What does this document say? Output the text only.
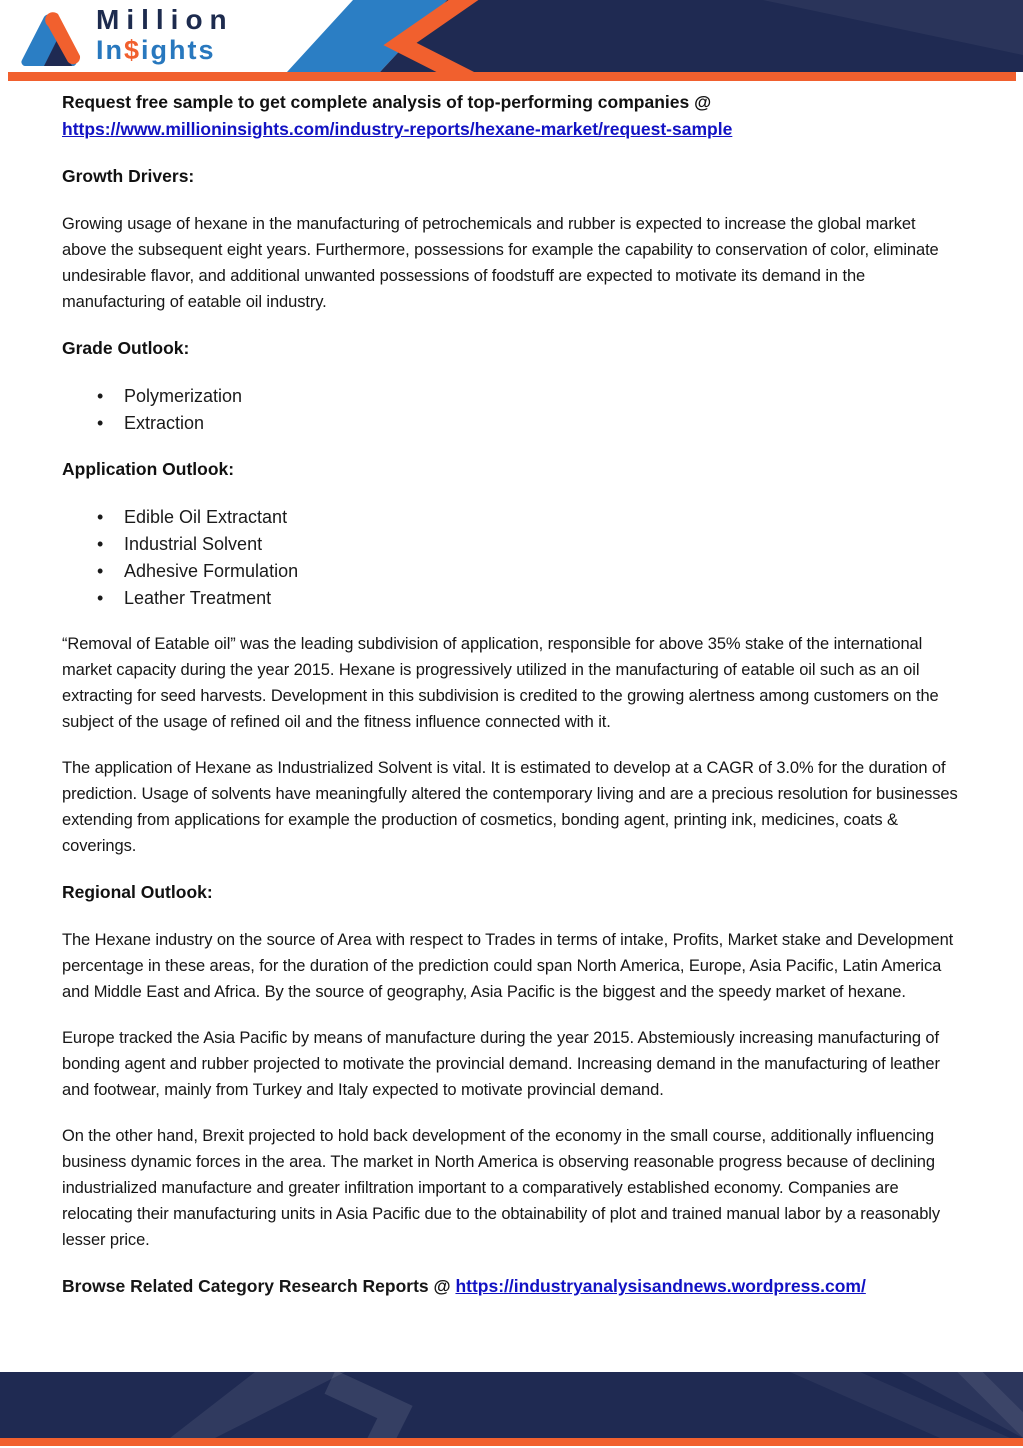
Million
In$ights
Request free sample to get complete analysis of top-performing companies @
https://www.millioninsights.com/industry-reports/hexane-market/request-sample
Growth Drivers:

Growing usage of hexane in the manufacturing of petrochemicals and rubber is expected to increase the global market above the subsequent eight years. Furthermore, possessions for example the capability to conservation of color, eliminate undesirable flavor, and additional unwanted possessions of foodstuff are expected to motivate its demand in the manufacturing of eatable oil industry.

Grade Outlook:
• Polymerization
• Extraction
Application Outlook:
• Edible Oil Extractant
• Industrial Solvent
• Adhesive Formulation
• Leather Treatment

“Removal of Eatable oil” was the leading subdivision of application, responsible for above 35% stake of the international market capacity during the year 2015. Hexane is progressively utilized in the manufacturing of eatable oil such as an oil extracting for seed harvests. Development in this subdivision is credited to the growing alertness among customers on the subject of the usage of refined oil and the fitness influence connected with it.

The application of Hexane as Industrialized Solvent is vital. It is estimated to develop at a CAGR of 3.0% for the duration of prediction. Usage of solvents have meaningfully altered the contemporary living and are a precious resolution for businesses extending from applications for example the production of cosmetics, bonding agent, printing ink, medicines, coats & coverings.

Regional Outlook:

The Hexane industry on the source of Area with respect to Trades in terms of intake, Profits, Market stake and Development percentage in these areas, for the duration of the prediction could span North America, Europe, Asia Pacific, Latin America and Middle East and Africa. By the source of geography, Asia Pacific is the biggest and the speedy market of hexane.

Europe tracked the Asia Pacific by means of manufacture during the year 2015. Abstemiously increasing manufacturing of bonding agent and rubber projected to motivate the provincial demand. Increasing demand in the manufacturing of leather and footwear, mainly from Turkey and Italy expected to motivate provincial demand.

On the other hand, Brexit projected to hold back development of the economy in the small course, additionally influencing business dynamic forces in the area. The market in North America is observing reasonable progress because of declining industrialized manufacture and greater infiltration important to a comparatively established economy. Companies are relocating their manufacturing units in Asia Pacific due to the obtainability of plot and trained manual labor by a reasonably lesser price.

Browse Related Category Research Reports @ https://industryanalysisandnews.wordpress.com/
